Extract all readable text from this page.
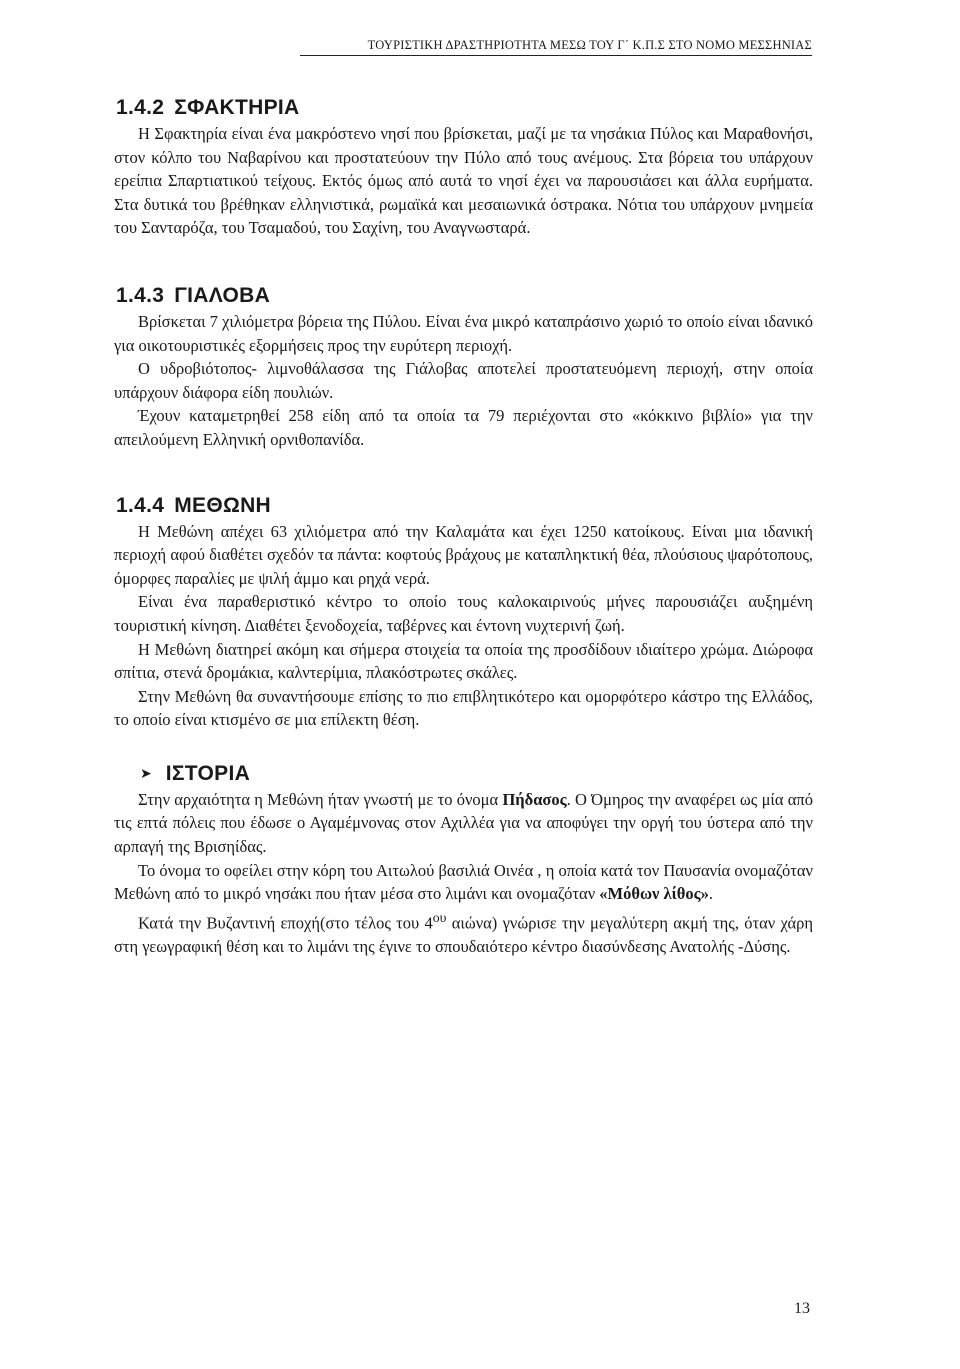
ΤΟΥΡΙΣΤΙΚΗ ΔΡΑΣΤΗΡΙΟΤΗΤΑ ΜΕΣΩ ΤΟΥ Γ΄ Κ.Π.Σ ΣΤΟ ΝΟΜΟ ΜΕΣΣΗΝΙΑΣ
1.4.2 ΣΦΑΚΤΗΡΙΑ

Η Σφακτηρία είναι ένα μακρόστενο νησί που βρίσκεται, μαζί με τα νησάκια Πύλος και Μαραθονήσι, στον κόλπο του Ναβαρίνου και προστατεύουν την Πύλο από τους ανέμους. Στα βόρεια του υπάρχουν ερείπια Σπαρτιατικού τείχους. Εκτός όμως από αυτά το νησί έχει να παρουσιάσει και άλλα ευρήματα. Στα δυτικά του βρέθηκαν ελληνιστικά, ρωμαϊκά και μεσαιωνικά όστρακα. Νότια του υπάρχουν μνημεία του Σανταρόζα, του Τσαμαδού, του Σαχίνη, του Αναγνωσταρά.

1.4.3 ΓΙΑΛΟΒΑ

Βρίσκεται 7 χιλιόμετρα βόρεια της Πύλου. Είναι ένα μικρό καταπράσινο χωριό το οποίο είναι ιδανικό για οικοτουριστικές εξορμήσεις προς την ευρύτερη περιοχή.

Ο υδροβιότοπος- λιμνοθάλασσα της Γιάλοβας αποτελεί προστατευόμενη περιοχή, στην οποία υπάρχουν διάφορα είδη πουλιών.

Έχουν καταμετρηθεί 258 είδη από τα οποία τα 79 περιέχονται στο «κόκκινο βιβλίο» για την απειλούμενη Ελληνική ορνιθοπανίδα.

1.4.4 ΜΕΘΩΝΗ

Η Μεθώνη απέχει 63 χιλιόμετρα από την Καλαμάτα και έχει 1250 κατοίκους. Είναι μια ιδανική περιοχή αφού διαθέτει σχεδόν τα πάντα: κοφτούς βράχους με καταπληκτική θέα, πλούσιους ψαρότοπους, όμορφες παραλίες με ψιλή άμμο και ρηχά νερά.

Είναι ένα παραθεριστικό κέντρο το οποίο τους καλοκαιρινούς μήνες παρουσιάζει αυξημένη τουριστική κίνηση. Διαθέτει ξενοδοχεία, ταβέρνες και έντονη νυχτερινή ζωή.

Η Μεθώνη διατηρεί ακόμη και σήμερα στοιχεία τα οποία της προσδίδουν ιδιαίτερο χρώμα. Διώροφα σπίτια, στενά δρομάκια, καλντερίμια, πλακόστρωτες σκάλες.

Στην Μεθώνη θα συναντήσουμε επίσης το πιο επιβλητικότερο και ομορφότερο κάστρο της Ελλάδος, το οποίο είναι κτισμένο σε μια επίλεκτη θέση.

➤ ΙΣΤΟΡΙΑ

Στην αρχαιότητα η Μεθώνη ήταν γνωστή με το όνομα Πήδασος. Ο Όμηρος την αναφέρει ως μία από τις επτά πόλεις που έδωσε ο Αγαμέμνονας στον Αχιλλέα για να αποφύγει την οργή του ύστερα από την αρπαγή της Βρισηίδας.

Το όνομα το οφείλει στην κόρη του Αιτωλού βασιλιά Οινέα , η οποία κατά τον Παυσανία ονομαζόταν Μεθώνη από το μικρό νησάκι που ήταν μέσα στο λιμάνι και ονομαζόταν «Μόθων λίθος».

Κατά την Βυζαντινή εποχή(στο τέλος του $4^{o\upsilon}$ αιώνα) γνώρισε την μεγαλύτερη ακμή της, όταν χάρη στη γεωγραφική θέση και το λιμάνι της έγινε το σπουδαιότερο κέντρο διασύνδεσης Ανατολής -Δύσης.

13
